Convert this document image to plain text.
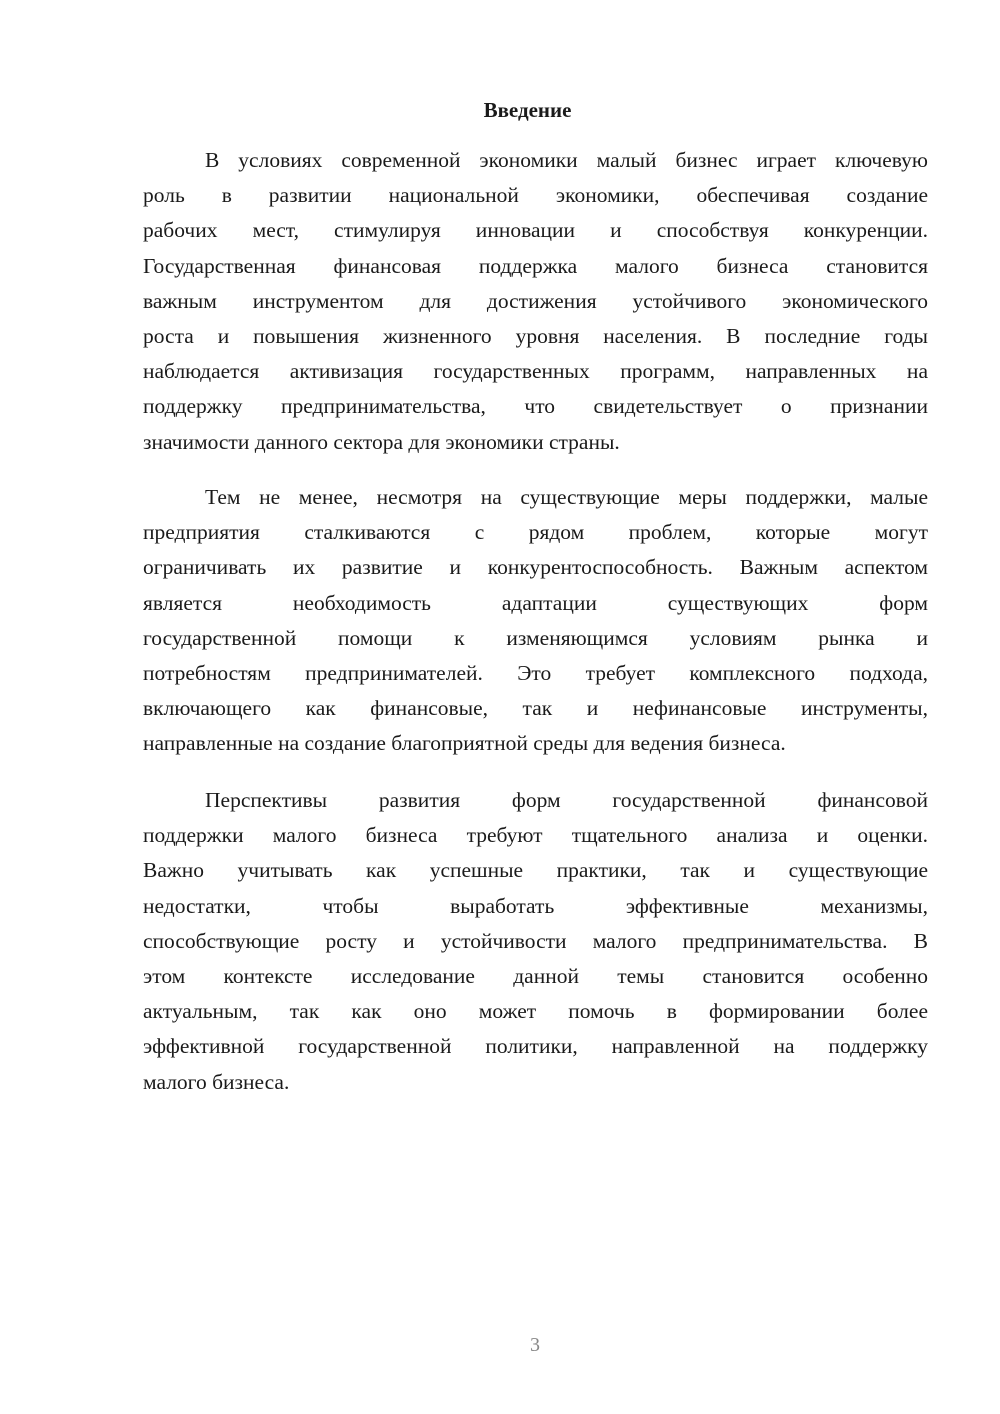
Введение
В условиях современной экономики малый бизнес играет ключевую
роль в развитии национальной экономики, обеспечивая создание
рабочих мест, стимулируя инновации и способствуя конкуренции.
Государственная финансовая поддержка малого бизнеса становится
важным инструментом для достижения устойчивого экономического
роста и повышения жизненного уровня населения. В последние годы
наблюдается активизация государственных программ, направленных на
поддержку предпринимательства, что свидетельствует о признании
значимости данного сектора для экономики страны.
Тем не менее, несмотря на существующие меры поддержки, малые
предприятия сталкиваются с рядом проблем, которые могут
ограничивать их развитие и конкурентоспособность. Важным аспектом
является необходимость адаптации существующих форм
государственной помощи к изменяющимся условиям рынка и
потребностям предпринимателей. Это требует комплексного подхода,
включающего как финансовые, так и нефинансовые инструменты,
направленные на создание благоприятной среды для ведения бизнеса.
Перспективы развития форм государственной финансовой
поддержки малого бизнеса требуют тщательного анализа и оценки.
Важно учитывать как успешные практики, так и существующие
недостатки, чтобы выработать эффективные механизмы,
способствующие росту и устойчивости малого предпринимательства. В
этом контексте исследование данной темы становится особенно
актуальным, так как оно может помочь в формировании более
эффективной государственной политики, направленной на поддержку
малого бизнеса.
3
